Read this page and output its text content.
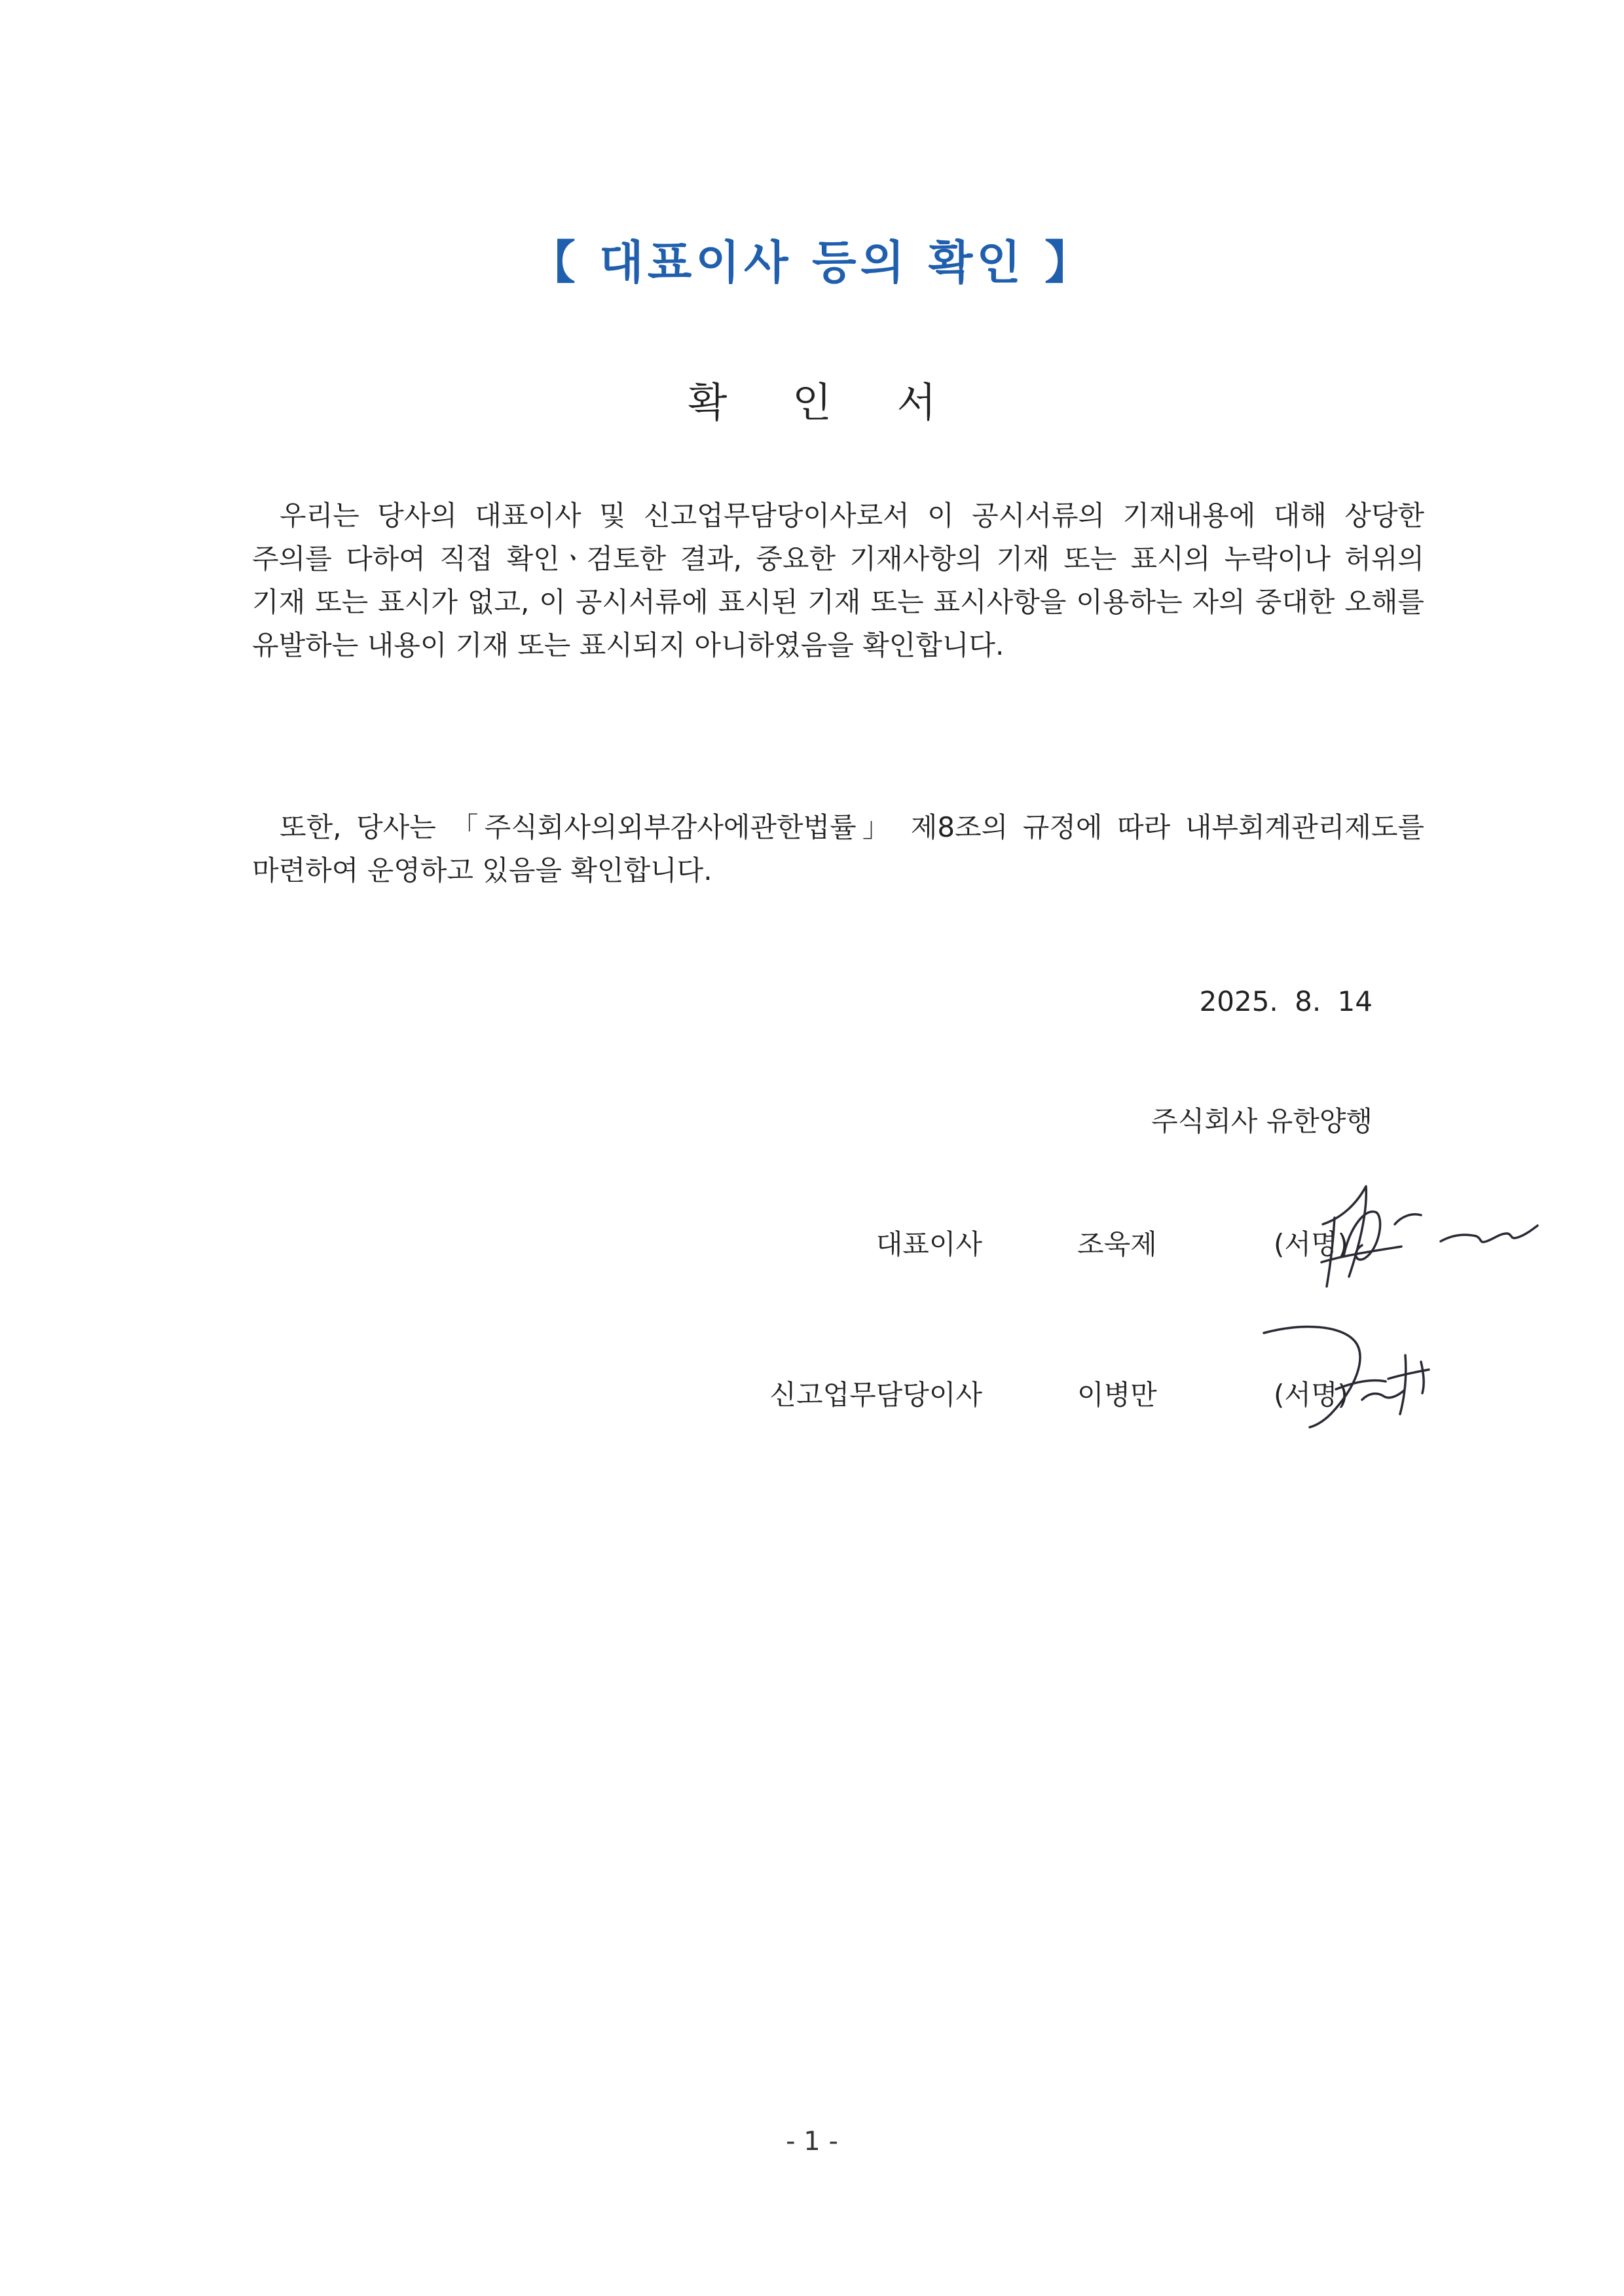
【 대표이사 등의 확인 】
확 인 서
우리는 당사의 대표이사 및 신고업무담당이사로서 이 공시서류의 기재내용에 대해 상당한 주의를 다하여 직접 확인ㆍ검토한 결과, 중요한 기재사항의 기재 또는 표시의 누락이나 허위의 기재 또는 표시가 없고, 이 공시서류에 표시된 기재 또는 표시사항을 이용하는 자의 중대한 오해를 유발하는 내용이 기재 또는 표시되지 아니하였음을 확인합니다.
또한, 당사는 「주식회사의외부감사에관한법률」 제8조의 규정에 따라 내부회계관리제도를 마련하여 운영하고 있음을 확인합니다.
2025. 8. 14
주식회사 유한양행
대표이사	조욱제	(서명)
신고업무담당이사	이병만	(서명)
- 1 -
